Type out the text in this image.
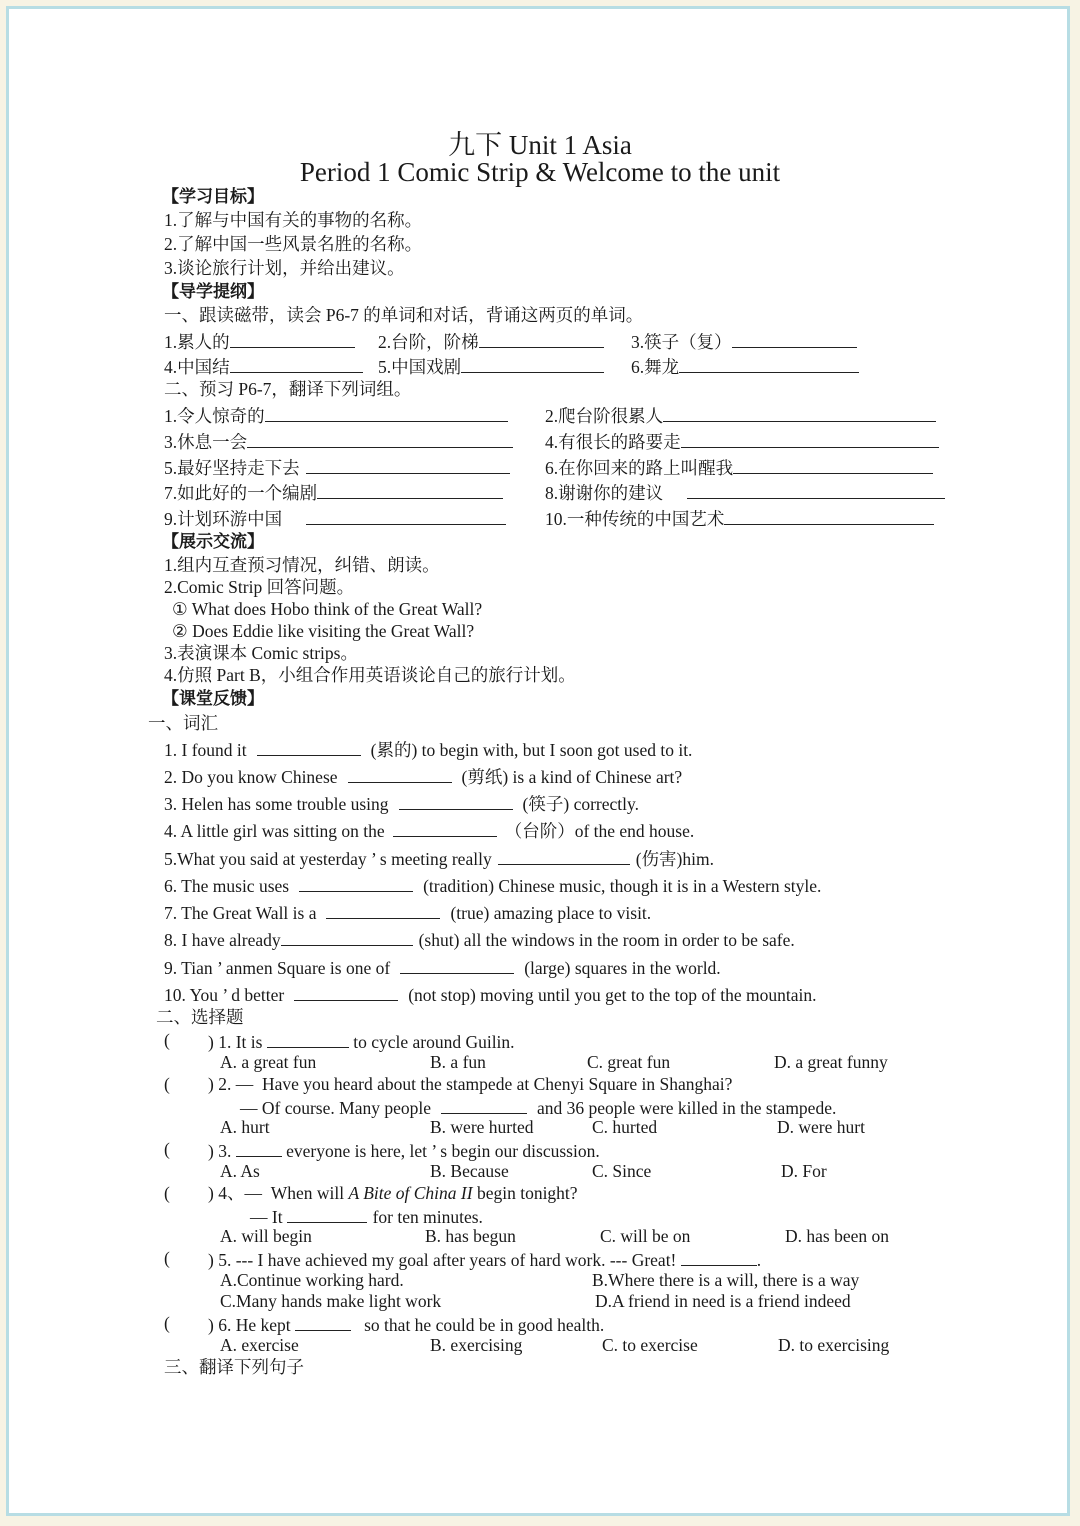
九下 Unit 1 Asia
Period 1 Comic Strip & Welcome to the unit
【学习目标】
1.了解与中国有关的事物的名称。
2.了解中国一些风景名胜的名称。
3.谈论旅行计划，并给出建议。
【导学提纲】
一、跟读磁带，读会 P6-7 的单词和对话，背诵这两页的单词。
1.累人的	2.台阶，阶梯	3.筷子（复）
4.中国结	5.中国戏剧	6.舞龙
二、预习 P6-7，翻译下列词组。
1.令人惊奇的	2.爬台阶很累人
3.休息一会	4.有很长的路要走
5.最好坚持走下去	6.在你回来的路上叫醒我
7.如此好的一个编剧	8.谢谢你的建议
9.计划环游中国	10.一种传统的中国艺术
【展示交流】
1.组内互查预习情况，纠错、朗读。
2.Comic Strip 回答问题。
① What does Hobo think of the Great Wall?
② Does Eddie like visiting the Great Wall?
3.表演课本 Comic strips。
4.仿照 Part B，小组合作用英语谈论自己的旅行计划。
【课堂反馈】
一、词汇
1. I found it	(累的) to begin with, but I soon got used to it.
2. Do you know Chinese	(剪纸) is a kind of Chinese art?
3. Helen has some trouble using	(筷子) correctly.
4. A little girl was sitting on the	（台阶）of the end house.
5.What you said at yesterday ’ s meeting really	(伤害)him.
6. The music uses	(tradition) Chinese music, though it is in a Western style.
7. The Great Wall is a	(true) amazing place to visit.
8. I have already	(shut) all the windows in the room in order to be safe.
9. Tian ’ anmen Square is one of	(large) squares in the world.
10. You ’ d better	(not stop) moving until you get to the top of the mountain.
二、选择题
( ) 1. It is	to cycle around Guilin.
A. a great fun	B. a fun	C. great fun	D. a great funny
( ) 2. — Have you heard about the stampede at Chenyi Square in Shanghai?
— Of course. Many people	and 36 people were killed in the stampede.
A. hurt	B. were hurted	C. hurted	D. were hurt
( ) 3.	everyone is here, let ’ s begin our discussion.
A. As	B. Because	C. Since	D. For
( ) 4、— When will A Bite of China II begin tonight?
— It	for ten minutes.
A. will begin	B. has begun	C. will be on	D. has been on
( ) 5. --- I have achieved my goal after years of hard work. --- Great!	.
A.Continue working hard.	B.Where there is a will, there is a way
C.Many hands make light work	D.A friend in need is a friend indeed
( ) 6. He kept	so that he could be in good health.
A. exercise	B. exercising	C. to exercise	D. to exercising
三、翻译下列句子
